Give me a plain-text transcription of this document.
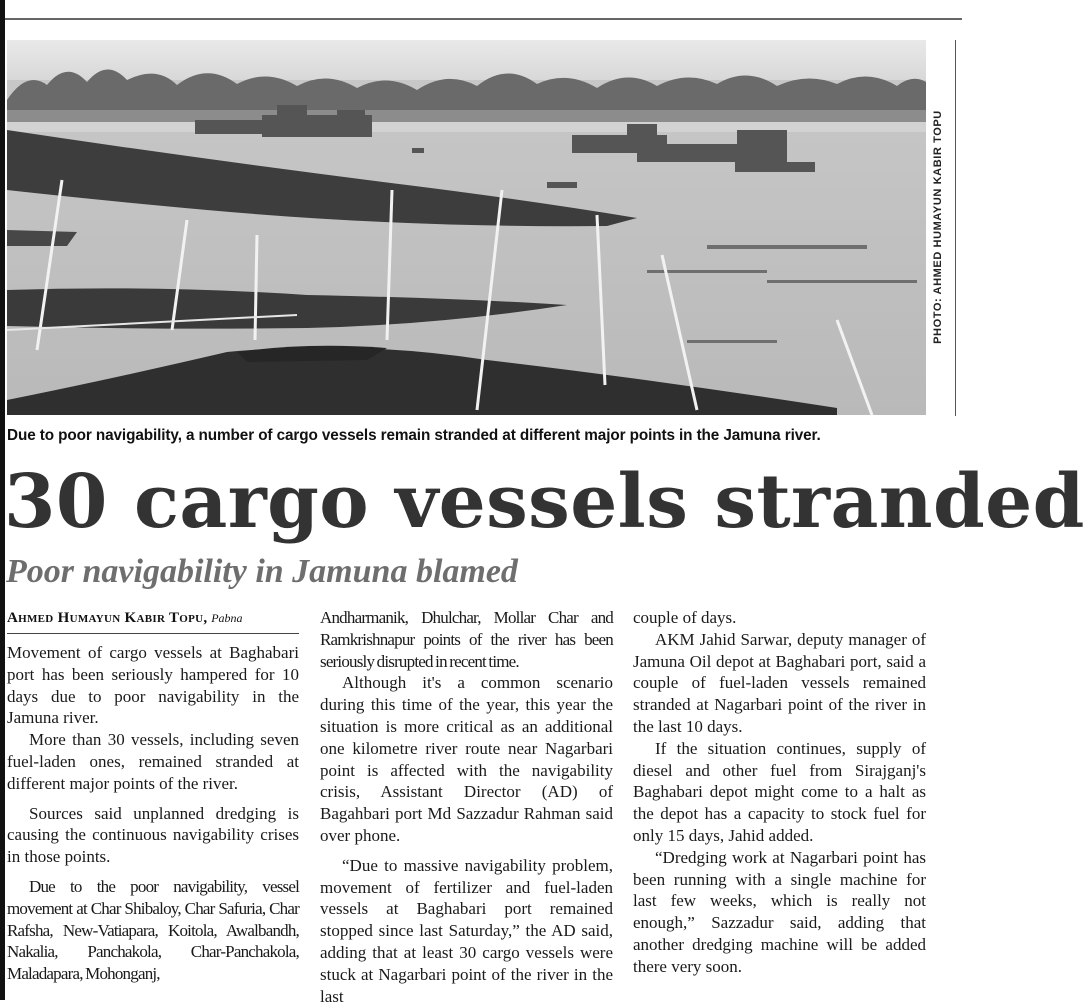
PHOTO: AHMED HUMAYUN KABIR TOPU
Due to poor navigability, a number of cargo vessels remain stranded at different major points in the Jamuna river.
30 cargo vessels stranded
Poor navigability in Jamuna blamed
Ahmed Humayun Kabir Topu, Pabna

Movement of cargo vessels at Baghabari port has been seriously hampered for 10 days due to poor navigability in the Jamuna river.

More than 30 vessels, including seven fuel-laden ones, remained stranded at different major points of the river.

Sources said unplanned dredging is causing the continuous navigability crises in those points.

Due to the poor navigability, vessel movement at Char Shibaloy, Char Safuria, Char Rafsha, New-Vatiapara, Koitola, Awalbandh, Nakalia, Panchakola, Char-Panchakola, Maladapara, Mohonganj,

Andharmanik, Dhulchar, Mollar Char and Ramkrishnapur points of the river has been seriously disrupted in recent time.

Although it's a common scenario during this time of the year, this year the situation is more critical as an additional one kilometre river route near Nagarbari point is affected with the navigability crisis, Assistant Director (AD) of Bagahbari port Md Sazzadur Rahman said over phone.

“Due to massive navigability problem, movement of fertilizer and fuel-laden vessels at Baghabari port remained stopped since last Saturday,” the AD said, adding that at least 30 cargo vessels were stuck at Nagarbari point of the river in the last

couple of days.

AKM Jahid Sarwar, deputy manager of Jamuna Oil depot at Baghabari port, said a couple of fuel-laden vessels remained stranded at Nagarbari point of the river in the last 10 days.

If the situation continues, supply of diesel and other fuel from Sirajganj's Baghabari depot might come to a halt as the depot has a capacity to stock fuel for only 15 days, Jahid added.

“Dredging work at Nagarbari point has been running with a single machine for last few weeks, which is really not enough,” Sazzadur said, adding that another dredging machine will be added there very soon.
